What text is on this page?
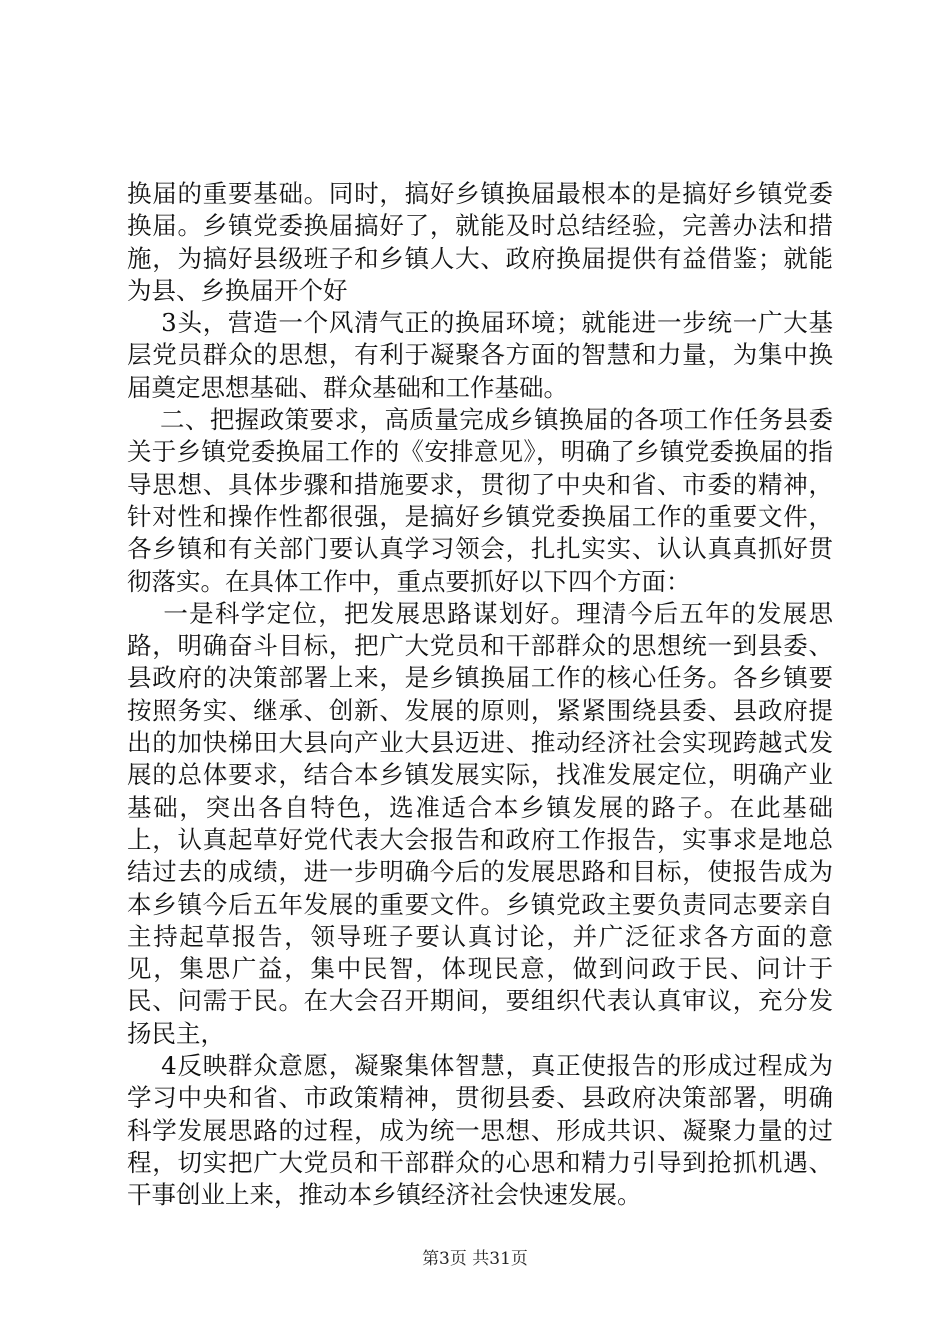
换届的重要基础。同时，搞好乡镇换届最根本的是搞好乡镇党委换届。乡镇党委换届搞好了，就能及时总结经验，完善办法和措施，为搞好县级班子和乡镇人大、政府换届提供有益借鉴；就能为县、乡换届开个好

3头，营造一个风清气正的换届环境；就能进一步统一广大基层党员群众的思想，有利于凝聚各方面的智慧和力量，为集中换届奠定思想基础、群众基础和工作基础。

二、把握政策要求，高质量完成乡镇换届的各项工作任务县委关于乡镇党委换届工作的《安排意见》，明确了乡镇党委换届的指导思想、具体步骤和措施要求，贯彻了中央和省、市委的精神，针对性和操作性都很强，是搞好乡镇党委换届工作的重要文件，各乡镇和有关部门要认真学习领会，扎扎实实、认认真真抓好贯彻落实。在具体工作中，重点要抓好以下四个方面：

一是科学定位，把发展思路谋划好。理清今后五年的发展思路，明确奋斗目标，把广大党员和干部群众的思想统一到县委、县政府的决策部署上来，是乡镇换届工作的核心任务。各乡镇要按照务实、继承、创新、发展的原则，紧紧围绕县委、县政府提出的加快梯田大县向产业大县迈进、推动经济社会实现跨越式发展的总体要求，结合本乡镇发展实际，找准发展定位，明确产业基础，突出各自特色，选准适合本乡镇发展的路子。在此基础上，认真起草好党代表大会报告和政府工作报告，实事求是地总结过去的成绩，进一步明确今后的发展思路和目标，使报告成为本乡镇今后五年发展的重要文件。乡镇党政主要负责同志要亲自主持起草报告，领导班子要认真讨论，并广泛征求各方面的意见，集思广益，集中民智，体现民意，做到问政于民、问计于民、问需于民。在大会召开期间，要组织代表认真审议，充分发扬民主，

4反映群众意愿，凝聚集体智慧，真正使报告的形成过程成为学习中央和省、市政策精神，贯彻县委、县政府决策部署，明确科学发展思路的过程，成为统一思想、形成共识、凝聚力量的过程，切实把广大党员和干部群众的心思和精力引导到抢抓机遇、干事创业上来，推动本乡镇经济社会快速发展。

第3页 共31页
